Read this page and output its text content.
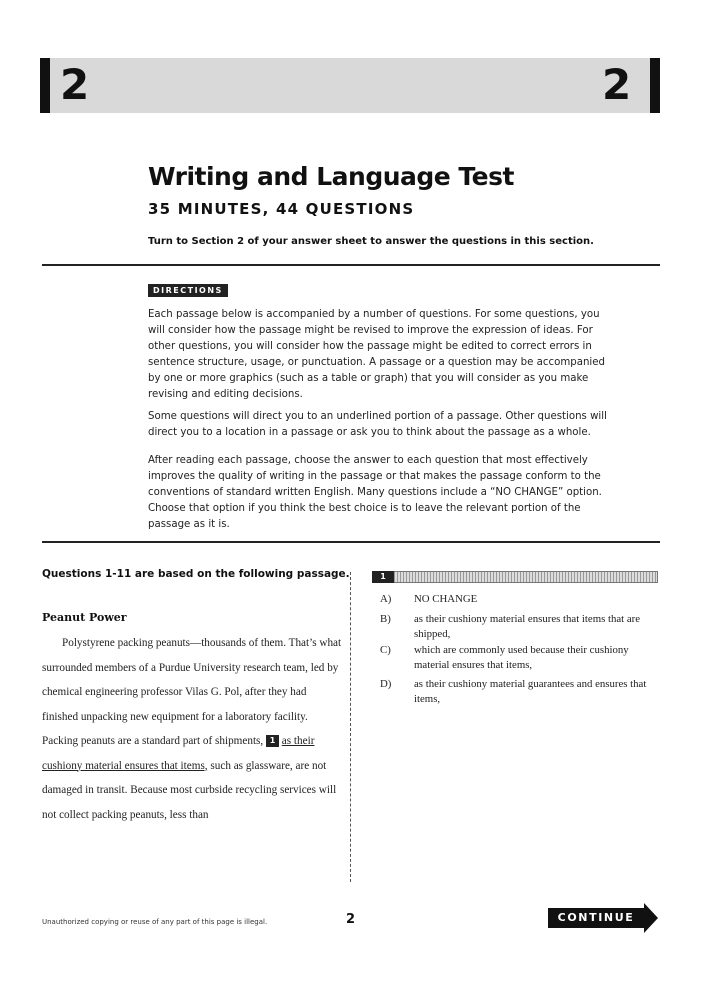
2	2
Writing and Language Test
35 MINUTES, 44 QUESTIONS
Turn to Section 2 of your answer sheet to answer the questions in this section.
DIRECTIONS
Each passage below is accompanied by a number of questions. For some questions, you will consider how the passage might be revised to improve the expression of ideas. For other questions, you will consider how the passage might be edited to correct errors in sentence structure, usage, or punctuation. A passage or a question may be accompanied by one or more graphics (such as a table or graph) that you will consider as you make revising and editing decisions.
Some questions will direct you to an underlined portion of a passage. Other questions will direct you to a location in a passage or ask you to think about the passage as a whole.
After reading each passage, choose the answer to each question that most effectively improves the quality of writing in the passage or that makes the passage conform to the conventions of standard written English. Many questions include a “NO CHANGE” option. Choose that option if you think the best choice is to leave the relevant portion of the passage as it is.
Questions 1-11 are based on the following passage.
Peanut Power
Polystyrene packing peanuts—thousands of them. That’s what surrounded members of a Purdue University research team, led by chemical engineering professor Vilas G. Pol, after they had finished unpacking new equipment for a laboratory facility. Packing peanuts are a standard part of shipments, 1 as their cushiony material ensures that items, such as glassware, are not damaged in transit. Because most curbside recycling services will not collect packing peanuts, less than
1
A)	NO CHANGE
B)	as their cushiony material ensures that items that are shipped,
C)	which are commonly used because their cushiony material ensures that items,
D)	as their cushiony material guarantees and ensures that items,
Unauthorized copying or reuse of any part of this page is illegal.	2	CONTINUE
